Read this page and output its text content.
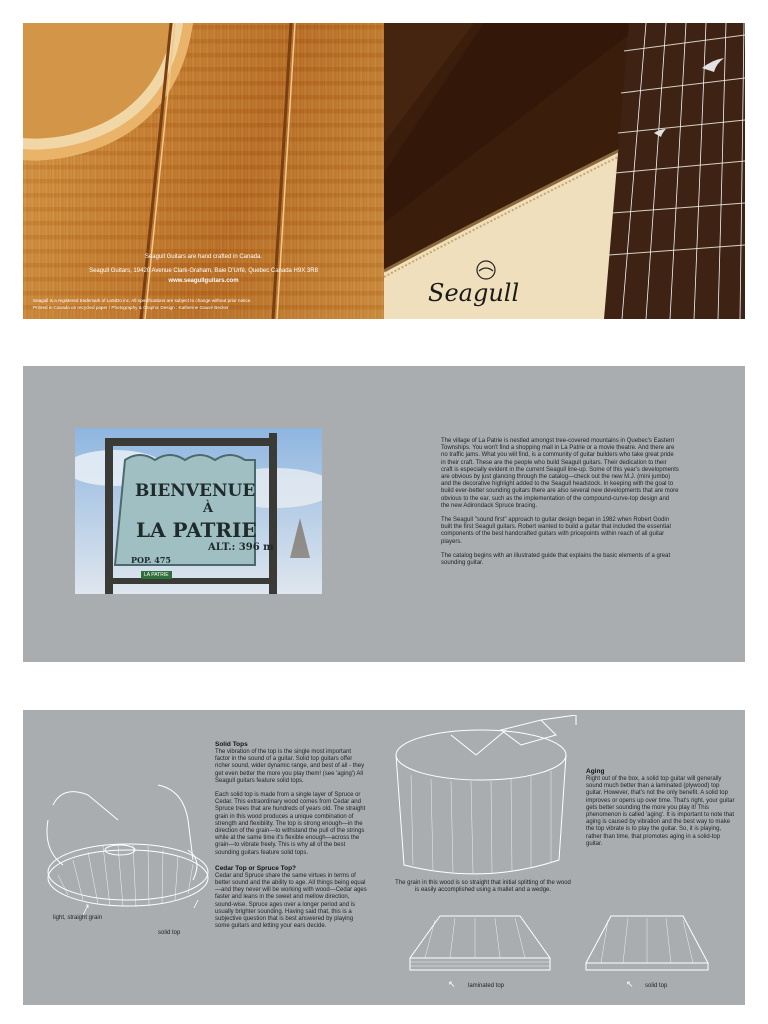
Seagull Guitars are hand crafted in Canada.
Seagull Guitars, 19420 Avenue Clark-Graham, Baie D'Urfé, Quebec Canada H9X 3R8
www.seagullguitars.com
Seagull is a registered trademark of LaSiDo inc. All specifications are subject to change without prior notice.
Printed in Canada on recycled paper / Photography & Graphic Design : Katherine Gauvé Becker
Seagull
BIENVENUE
À
LA PATRIE
POP. 475
ALT.: 396 m
LA PATRIE

The village of La Patrie is nestled amongst tree-covered mountains in Quebec's Eastern Townships. You won't find a shopping mall in La Patrie or a movie theatre. And there are no traffic jams. What you will find, is a community of guitar builders who take great pride in their craft. These are the people who build Seagull guitars. Their dedication to their craft is especially evident in the current Seagull line-up. Some of this year's developments are obvious by just glancing through the catalog—check out the new M.J. (mini jumbo) and the decorative highlight added to the Seagull headstock. In keeping with the goal to build ever-better sounding guitars there are also several new developments that are more obvious to the ear, such as the implementation of the compound-curve-top design and the new Adirondack Spruce bracing.

The Seagull "sound first" approach to guitar design began in 1982 when Robert Godin built the first Seagull guitars. Robert wanted to build a guitar that included the essential components of the best handcrafted guitars with pricepoints within reach of all guitar players.

The catalog begins with an illustrated guide that explains the basic elements of a great sounding guitar.

light, straight grain
solid top

Solid Tops

The vibration of the top is the single most important factor in the sound of a guitar. Solid top guitars offer richer sound, wider dynamic range, and best of all - they get even better the more you play them! (see 'aging') All Seagull guitars feature solid tops.

Each solid top is made from a single layer of Spruce or Cedar. This extraordinary wood comes from Cedar and Spruce trees that are hundreds of years old. The straight grain in this wood produces a unique combination of strength and flexibility. The top is strong enough—in the direction of the grain—to withstand the pull of the strings while at the same time it's flexible enough—across the grain—to vibrate freely. This is why all of the best sounding guitars feature solid tops.

Cedar Top or Spruce Top?

Cedar and Spruce share the same virtues in terms of better sound and the ability to age. All things being equal—and they never will be working with wood—Cedar ages faster and leans in the sweet and mellow direction, sound-wise. Spruce ages over a longer period and is usually brighter sounding. Having said that, this is a subjective question that is best answered by playing some guitars and letting your ears decide.

The grain in this wood is so straight that initial splitting of the wood is easily accomplished using a mallet and a wedge.

Aging

Right out of the box, a solid top guitar will generally sound much better than a laminated (plywood) top guitar. However, that's not the only benefit. A solid top improves or opens up over time. That's right, your guitar gets better sounding the more you play it! This phenomenon is called 'aging'. It is important to note that aging is caused by vibration and the best way to make the top vibrate is to play the guitar. So, it is playing, rather than time, that promotes aging in a solid-top guitar.

↖ laminated top	↖ solid top
